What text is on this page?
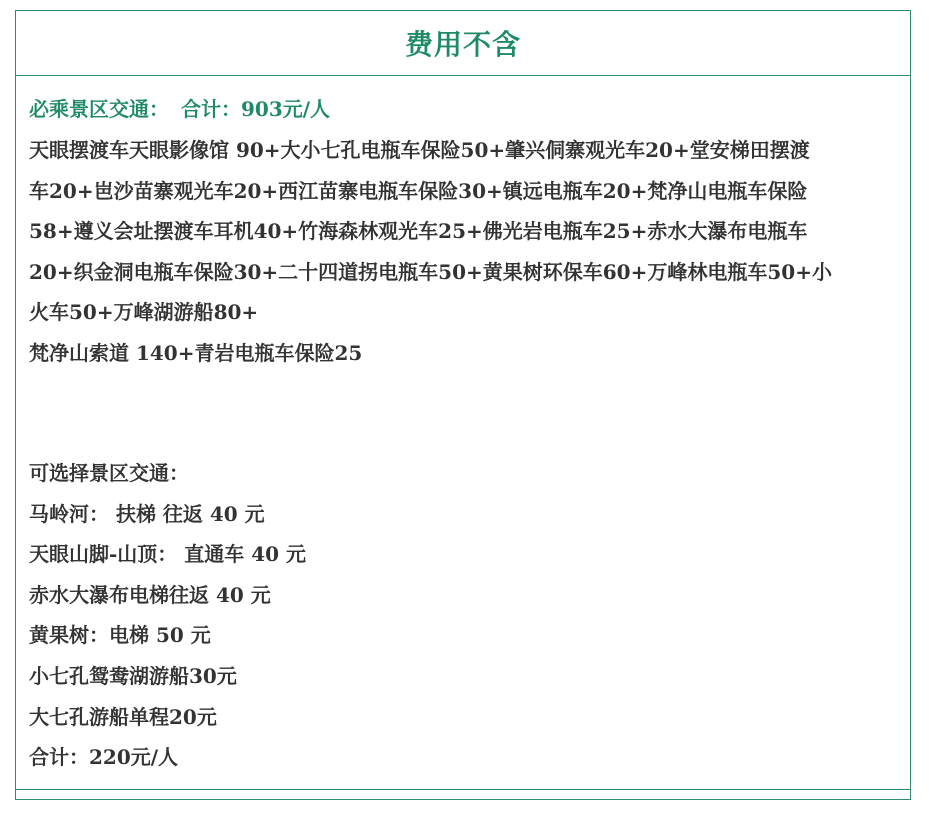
费用不含
必乘景区交通： 合计：903元/人
天眼摆渡车天眼影像馆 90+大小七孔电瓶车保险50+肇兴侗寨观光车20+堂安梯田摆渡
车20+岜沙苗寨观光车20+西江苗寨电瓶车保险30+镇远电瓶车20+梵净山电瓶车保险
58+遵义会址摆渡车耳机40+竹海森林观光车25+佛光岩电瓶车25+赤水大瀑布电瓶车
20+织金洞电瓶车保险30+二十四道拐电瓶车50+黄果树环保车60+万峰林电瓶车50+小
火车50+万峰湖游船80+
梵净山索道 140+青岩电瓶车保险25
可选择景区交通：
马岭河： 扶梯 往返 40 元
天眼山脚-山顶： 直通车 40 元
赤水大瀑布电梯往返 40 元
黄果树：电梯 50 元
小七孔鸳鸯湖游船30元
大七孔游船单程20元
合计：220元/人
